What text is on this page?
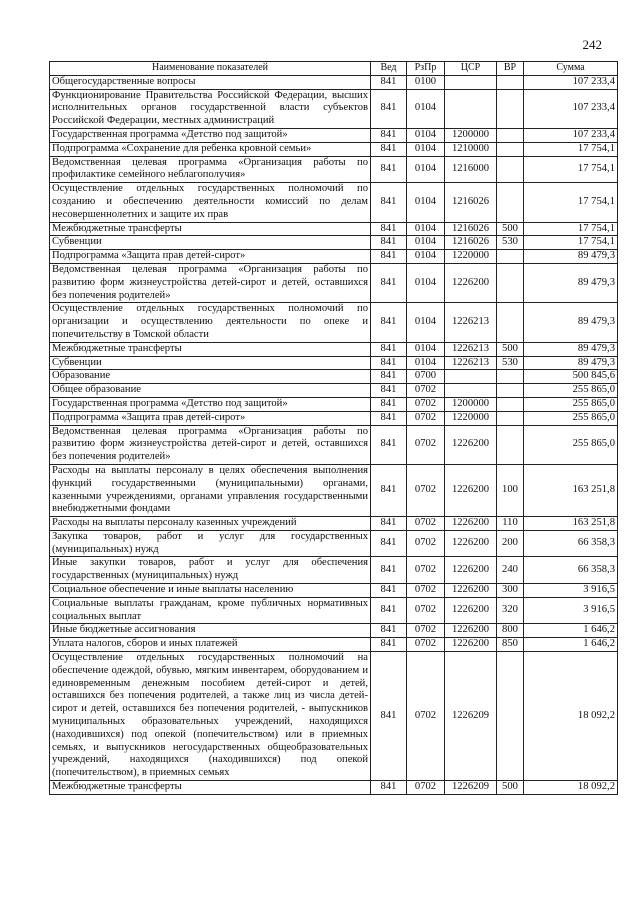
242
Наименование показателей	Вед	РзПр	ЦСР	ВР	Сумма
Общегосударственные вопросы	841	0100			107 233,4
Функционирование Правительства Российской Федерации, высших исполнительных органов государственной власти субъектов Российской Федерации, местных администраций	841	0104			107 233,4
Государственная программа «Детство под защитой»	841	0104	1200000		107 233,4
Подпрограмма «Сохранение для ребенка кровной семьи»	841	0104	1210000		17 754,1
Ведомственная целевая программа «Организация работы по профилактике семейного неблагополучия»	841	0104	1216000		17 754,1
Осуществление отдельных государственных полномочий по созданию и обеспечению деятельности комиссий по делам несовершеннолетних и защите их прав	841	0104	1216026		17 754,1
Межбюджетные трансферты	841	0104	1216026	500	17 754,1
Субвенции	841	0104	1216026	530	17 754,1
Подпрограмма «Защита прав детей-сирот»	841	0104	1220000		89 479,3
Ведомственная целевая программа «Организация работы по развитию форм жизнеустройства детей-сирот и детей, оставшихся без попечения родителей»	841	0104	1226200		89 479,3
Осуществление отдельных государственных полномочий по организации и осуществлению деятельности по опеке и попечительству в Томской области	841	0104	1226213		89 479,3
Межбюджетные трансферты	841	0104	1226213	500	89 479,3
Субвенции	841	0104	1226213	530	89 479,3
Образование	841	0700			500 845,6
Общее образование	841	0702			255 865,0
Государственная программа «Детство под защитой»	841	0702	1200000		255 865,0
Подпрограмма «Защита прав детей-сирот»	841	0702	1220000		255 865,0
Ведомственная целевая программа «Организация работы по развитию форм жизнеустройства детей-сирот и детей, оставшихся без попечения родителей»	841	0702	1226200		255 865,0
Расходы на выплаты персоналу в целях обеспечения выполнения функций государственными (муниципальными) органами, казенными учреждениями, органами управления государственными внебюджетными фондами	841	0702	1226200	100	163 251,8
Расходы на выплаты персоналу казенных учреждений	841	0702	1226200	110	163 251,8
Закупка товаров, работ и услуг для государственных (муниципальных) нужд	841	0702	1226200	200	66 358,3
Иные закупки товаров, работ и услуг для обеспечения государственных (муниципальных) нужд	841	0702	1226200	240	66 358,3
Социальное обеспечение и иные выплаты населению	841	0702	1226200	300	3 916,5
Социальные выплаты гражданам, кроме публичных нормативных социальных выплат	841	0702	1226200	320	3 916,5
Иные бюджетные ассигнования	841	0702	1226200	800	1 646,2
Уплата налогов, сборов и иных платежей	841	0702	1226200	850	1 646,2
Осуществление отдельных государственных полномочий на обеспечение одеждой, обувью, мягким инвентарем, оборудованием и единовременным денежным пособием детей-сирот и детей, оставшихся без попечения родителей, а также лиц из числа детей-сирот и детей, оставшихся без попечения родителей, - выпускников муниципальных образовательных учреждений, находящихся (находившихся) под опекой (попечительством) или в приемных семьях, и выпускников негосударственных общеобразовательных учреждений, находящихся (находившихся) под опекой (попечительством), в приемных семьях	841	0702	1226209		18 092,2
Межбюджетные трансферты	841	0702	1226209	500	18 092,2
